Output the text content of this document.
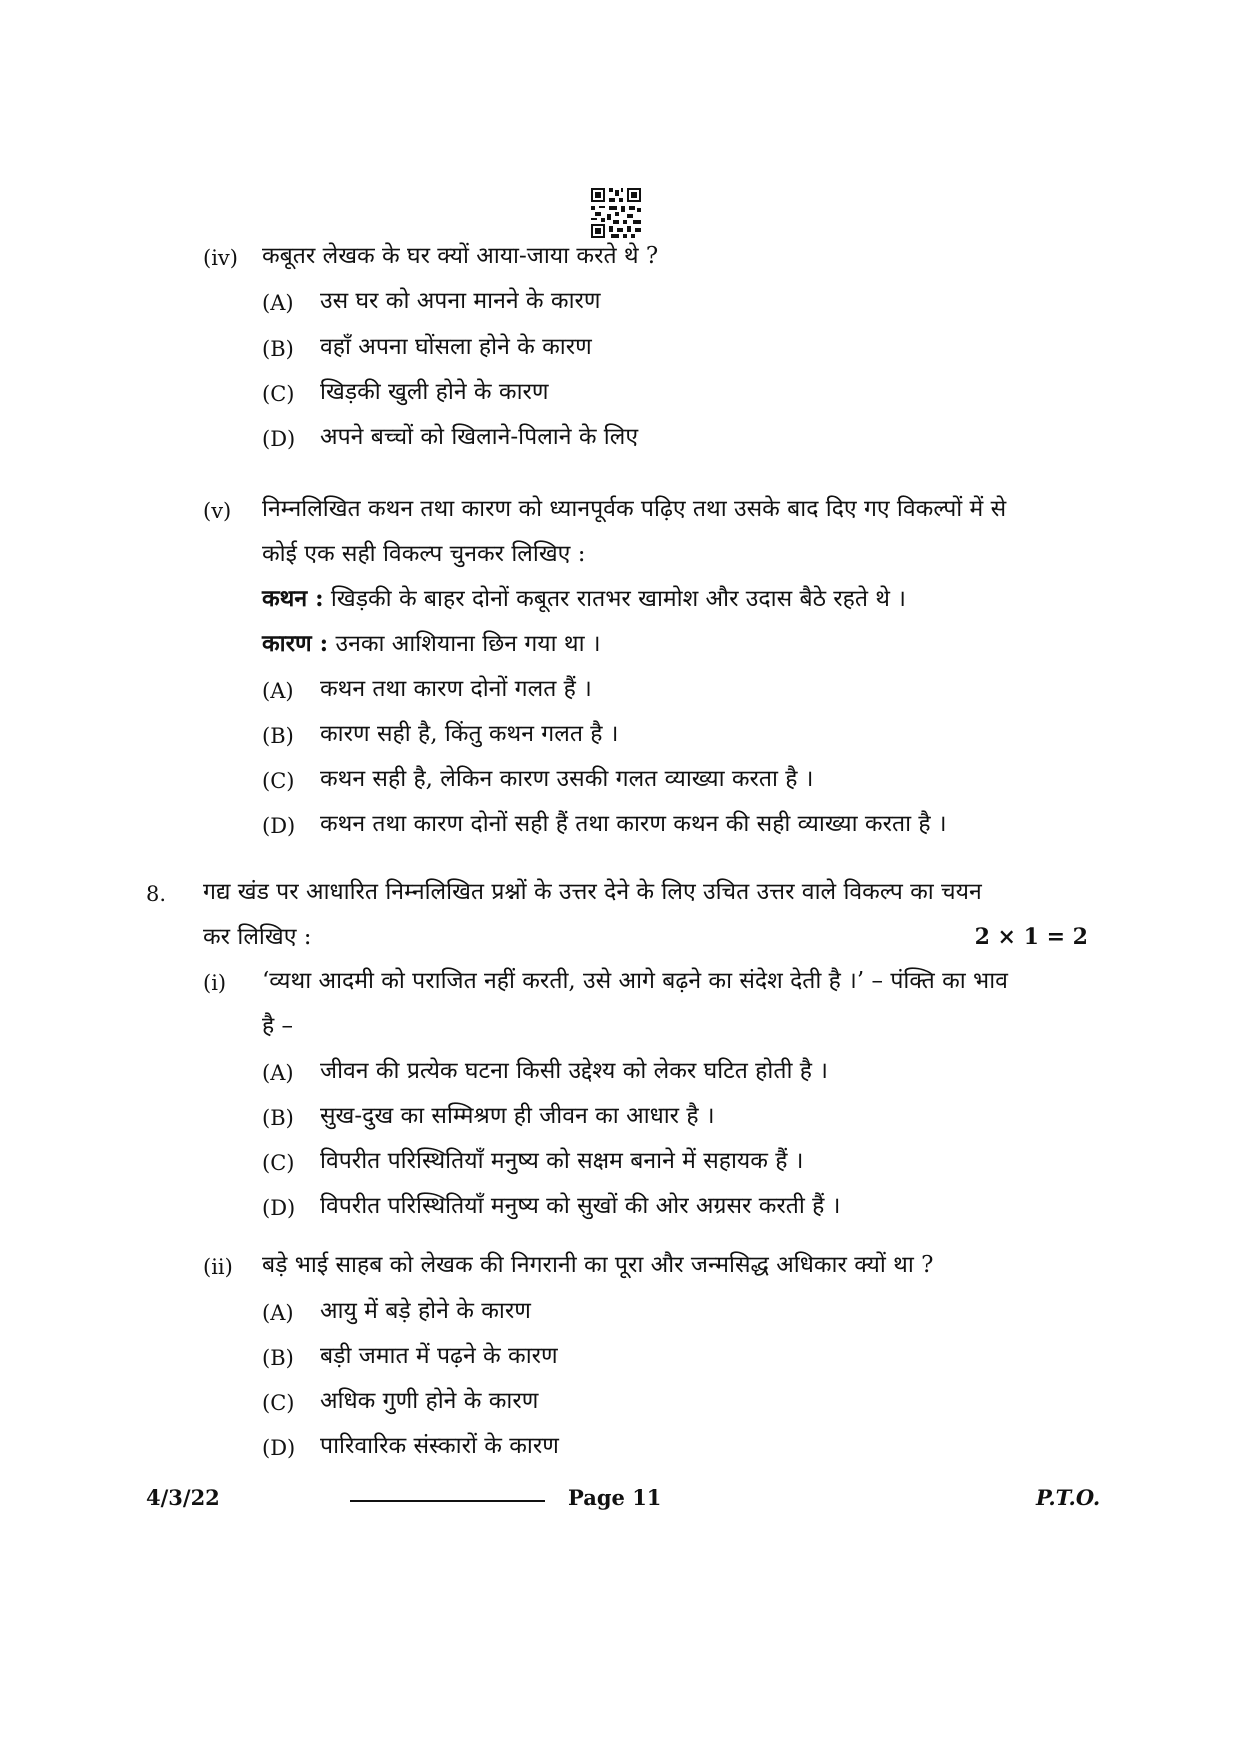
(iv) कबूतर लेखक के घर क्यों आया-जाया करते थे ?
(A) उस घर को अपना मानने के कारण
(B) वहाँ अपना घोंसला होने के कारण
(C) खिड़की खुली होने के कारण
(D) अपने बच्चों को खिलाने-पिलाने के लिए
(v) निम्नलिखित कथन तथा कारण को ध्यानपूर्वक पढ़िए तथा उसके बाद दिए गए विकल्पों में से
कोई एक सही विकल्प चुनकर लिखिए :
कथन : खिड़की के बाहर दोनों कबूतर रातभर खामोश और उदास बैठे रहते थे ।
कारण : उनका आशियाना छिन गया था ।
(A) कथन तथा कारण दोनों गलत हैं ।
(B) कारण सही है, किंतु कथन गलत है ।
(C) कथन सही है, लेकिन कारण उसकी गलत व्याख्या करता है ।
(D) कथन तथा कारण दोनों सही हैं तथा कारण कथन की सही व्याख्या करता है ।
8. गद्य खंड पर आधारित निम्नलिखित प्रश्नों के उत्तर देने के लिए उचित उत्तर वाले विकल्प का चयन
कर लिखिए :	2 × 1 = 2
(i) ‘व्यथा आदमी को पराजित नहीं करती, उसे आगे बढ़ने का संदेश देती है ।’ – पंक्ति का भाव
है –
(A) जीवन की प्रत्येक घटना किसी उद्देश्य को लेकर घटित होती है ।
(B) सुख-दुख का सम्मिश्रण ही जीवन का आधार है ।
(C) विपरीत परिस्थितियाँ मनुष्य को सक्षम बनाने में सहायक हैं ।
(D) विपरीत परिस्थितियाँ मनुष्य को सुखों की ओर अग्रसर करती हैं ।
(ii) बड़े भाई साहब को लेखक की निगरानी का पूरा और जन्मसिद्ध अधिकार क्यों था ?
(A) आयु में बड़े होने के कारण
(B) बड़ी जमात में पढ़ने के कारण
(C) अधिक गुणी होने के कारण
(D) पारिवारिक संस्कारों के कारण
4/3/22	Page 11	P.T.O.
